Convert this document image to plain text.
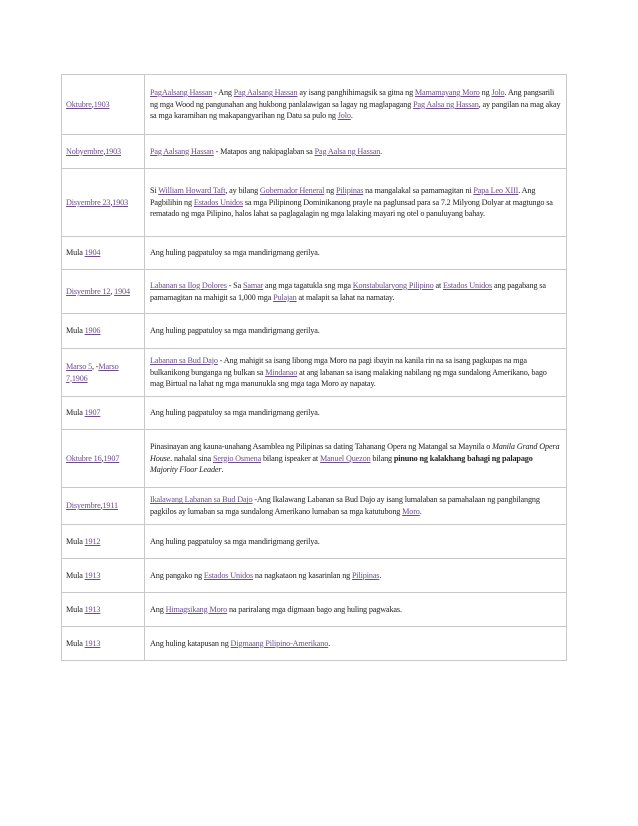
Oktubre,1903	PagAalsang Hassan - Ang Pag Aalsang Hassan ay isang panghihimagsik sa gitna ng Mamamayang Moro ng Jolo. Ang pangsarili ng mga Wood ng pangunahan ang hukbong panlalawigan sa lagay ng maglapagang Pag Aalsa ng Hassan, ay pangilan na mag akay sa mga karamihan ng makapangyarihan ng Datu sa pulo ng Jolo.
Nobyembre,1903	Pag Aalsang Hassan - Matapos ang nakipaglaban sa Pag Aalsa ng Hassan.
Disyembre 23,1903	Si William Howard Taft, ay bilang Gobernador Heneral ng Pilipinas na mangalakal sa pamamagitan ni Papa Leo XIII. Ang Pagbilihin ng Estados Unidos sa mga Pilipinong Dominikanong prayle na paglunsad para sa 7.2 Milyong Dolyar at magtungo sa rematado ng mga Pilipino, halos lahat sa paglagalagin ng mga lalaking mayari ng otel o panuluyang bahay.
Mula 1904	Ang huling pagpatuloy sa mga mandirigmang gerilya.
Disyembre 12, 1904	Labanan sa Ilog Dolores - Sa Samar ang mga tagatukla sng mga Konstabularyong Pilipino at Estados Unidos ang pagabang sa pamamagitan na mahigit sa 1,000 mga Pulajan at malapit sa lahat na namatay.
Mula 1906	Ang huling pagpatuloy sa mga mandirigmang gerilya.
Marso 5, -Marso 7,1906	Labanan sa Bud Dajo - Ang mahigit sa isang libong mga Moro na pagi ibayin na kanila rin na sa isang pagkupas na mga bulkanikong bunganga ng bulkan sa Mindanao at ang labanan sa isang malaking nabilang ng mga sundalong Amerikano, bago mag Birtual na lahat ng mga manunukla sng mga taga Moro ay napatay.
Mula 1907	Ang huling pagpatuloy sa mga mandirigmang gerilya.
Oktubre 16,1907	Pinasinayan ang kauna-unahang Asamblea ng Pilipinas sa dating Tahanang Opera ng Matangal sa Maynila o Manila Grand Opera House. nahalal sina Sergio Osmena bilang ispeaker at Manuel Quezon bilang pinuno ng kalakhang bahagi ng palapago Majority Floor Leader.
Disyembre,1911	Ikalawang Labanan sa Bud Dajo -Ang Ikalawang Labanan sa Bud Dajo ay isang lumalaban sa pamahalaan ng pangbilangng pagkilos ay lumaban sa mga sundalong Amerikano lumaban sa mga katutubong Moro.
Mula 1912	Ang huling pagpatuloy sa mga mandirigmang gerilya.
Mula 1913	Ang pangako ng Estados Unidos na nagkataon ng kasarinlan ng Pilipinas.
Mula 1913	Ang Himagsikang Moro na pariralang mga digmaan bago ang huling pagwakas.
Mula 1913	Ang huling katapusan ng Digmaang Pilipino-Amerikano.
